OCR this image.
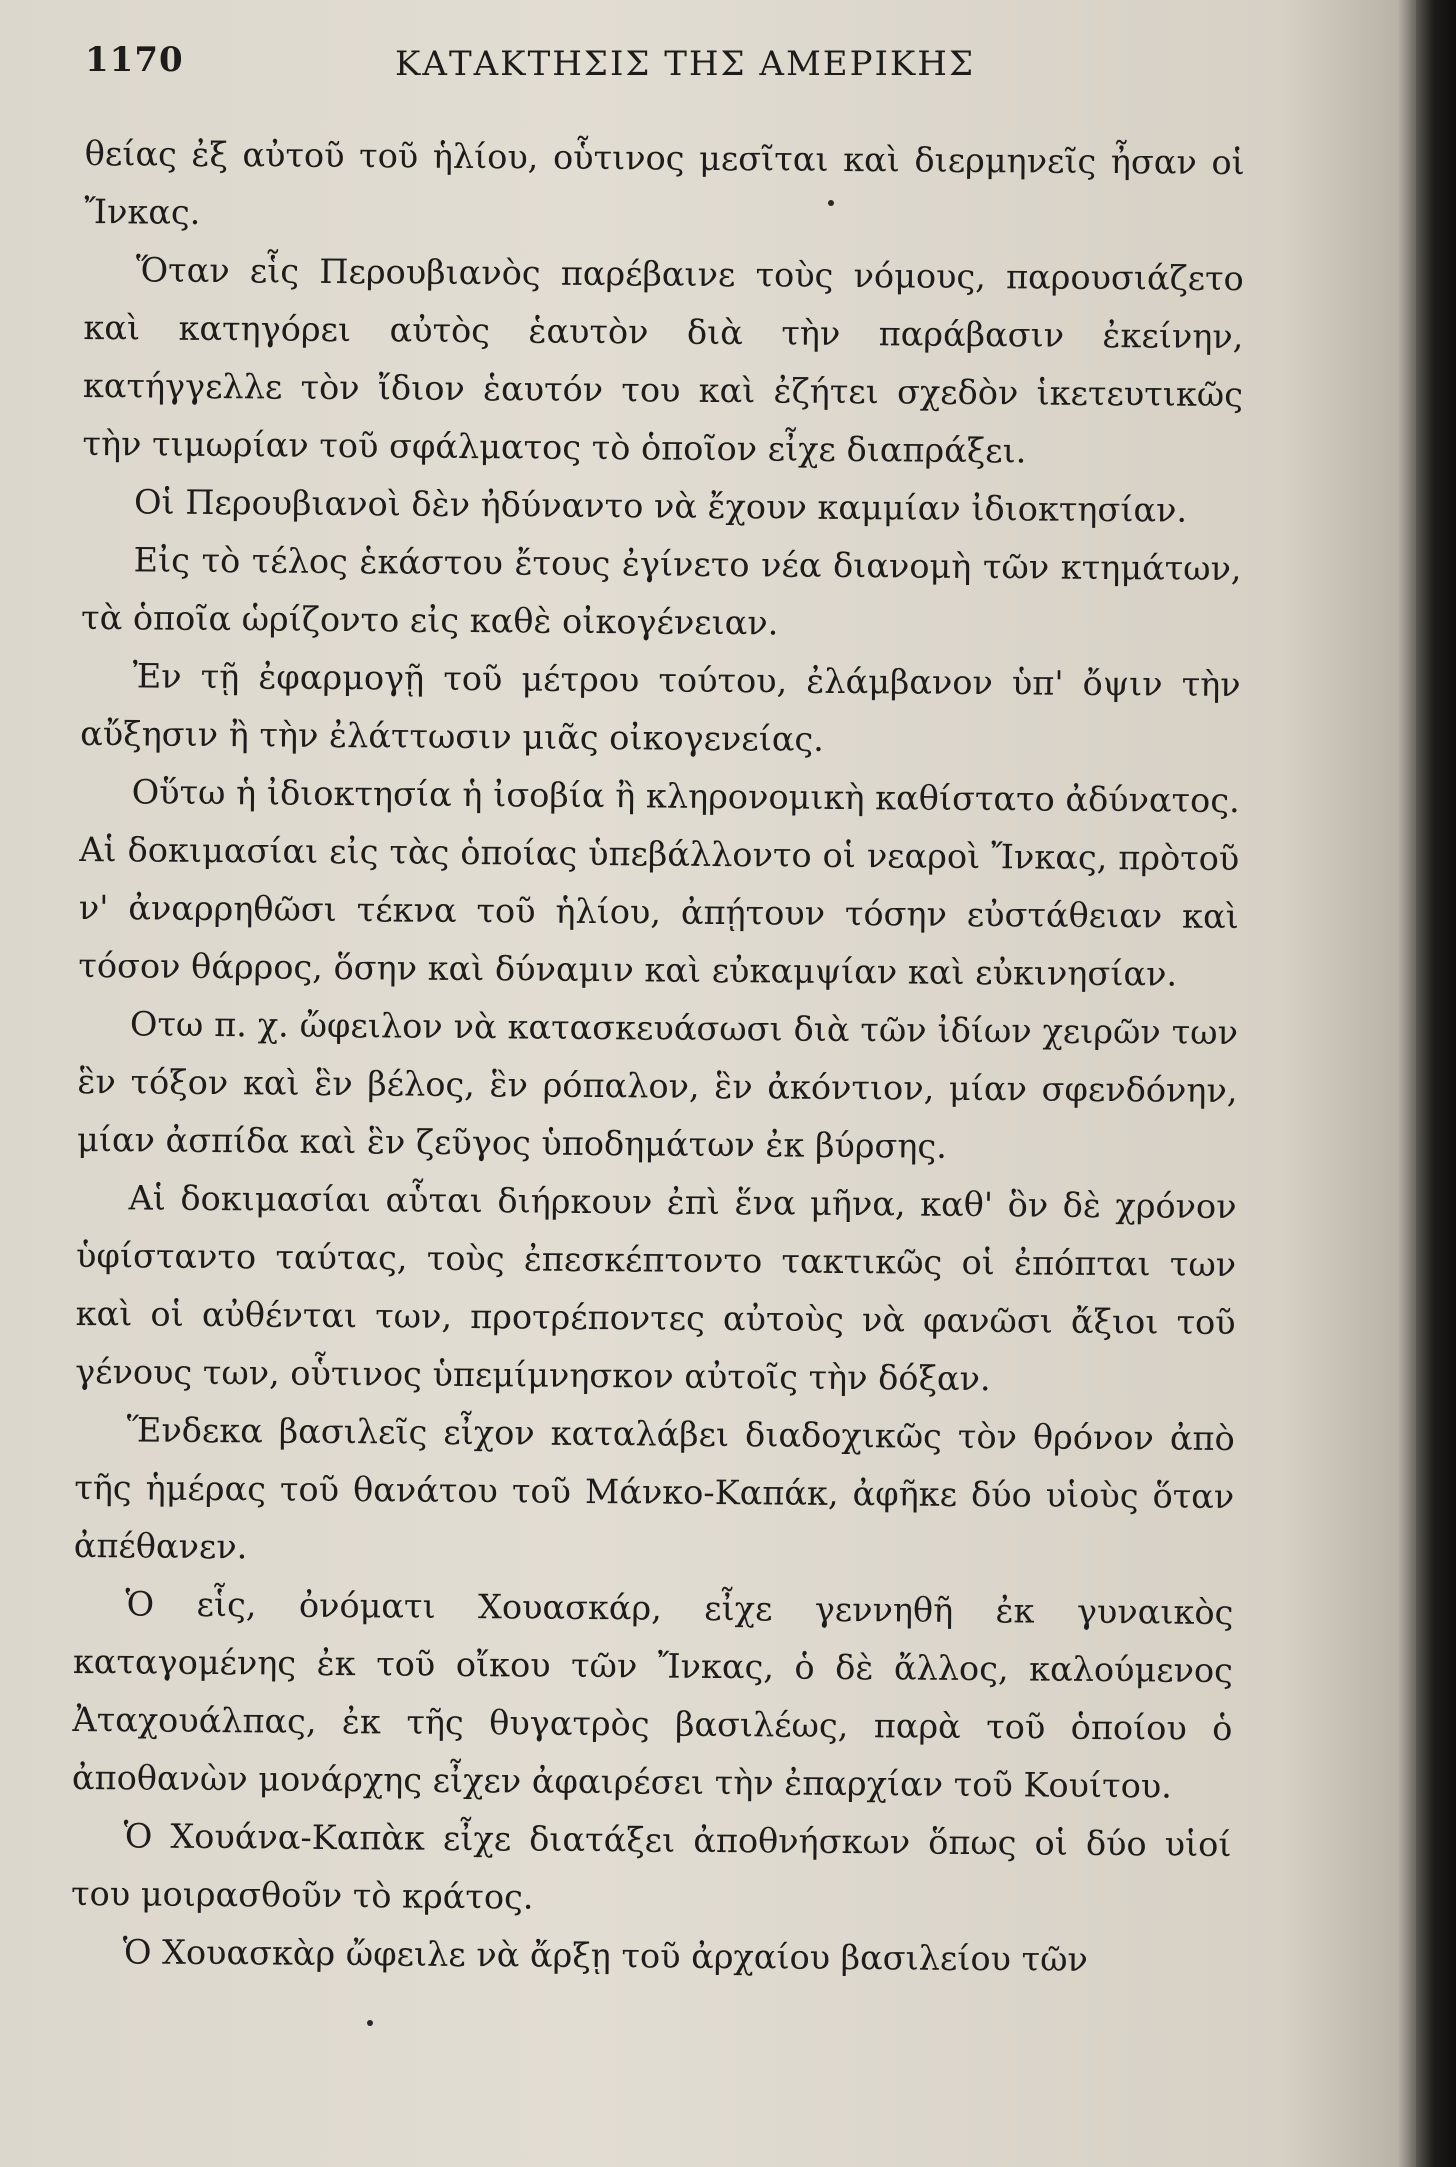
1170	ΚΑΤΑΚΤΗΣΙΣ ΤΗΣ ΑΜΕΡΙΚΗΣ

θείας ἐξ αὐτοῦ τοῦ ἡλίου, οὗτινος μεσῖται καὶ διερμηνεῖς ἦσαν οἱ Ἴνκας.

Ὅταν εἷς Περουβιανὸς παρέβαινε τοὺς νόμους, παρουσιάζετο καὶ κατηγόρει αὐτὸς ἑαυτὸν διὰ τὴν παράβασιν ἐκείνην, κατήγγελλε τὸν ἴδιον ἑαυτόν του καὶ ἐζήτει σχεδὸν ἱκετευτικῶς τὴν τιμωρίαν τοῦ σφάλματος τὸ ὁποῖον εἶχε διαπράξει.

Οἱ Περουβιανοὶ δὲν ἠδύναντο νὰ ἔχουν καμμίαν ἰδιοκτησίαν.

Εἰς τὸ τέλος ἑκάστου ἔτους ἐγίνετο νέα διανομὴ τῶν κτημάτων, τὰ ὁποῖα ὡρίζοντο εἰς καθὲ οἰκογένειαν.

Ἐν τῇ ἐφαρμογῇ τοῦ μέτρου τούτου, ἐλάμβανον ὑπ' ὄψιν τὴν αὔξησιν ἢ τὴν ἐλάττωσιν μιᾶς οἰκογενείας.

Οὕτω ἡ ἰδιοκτησία ἡ ἰσοβία ἢ κληρονομικὴ καθίστατο ἀδύνατος. Αἱ δοκιμασίαι εἰς τὰς ὁποίας ὑπεβάλλοντο οἱ νεαροὶ Ἴνκας, πρὸτοῦ ν' ἀναρρηθῶσι τέκνα τοῦ ἡλίου, ἀπῄτουν τόσην εὐστάθειαν καὶ τόσον θάρρος, ὅσην καὶ δύναμιν καὶ εὐκαμψίαν καὶ εὐκινησίαν.

Οτω π. χ. ὤφειλον νὰ κατασκευάσωσι διὰ τῶν ἰδίων χειρῶν των ἓν τόξον καὶ ἓν βέλος, ἓν ρόπαλον, ἓν ἀκόντιον, μίαν σφενδόνην, μίαν ἀσπίδα καὶ ἓν ζεῦγος ὑποδημάτων ἐκ βύρσης.

Αἱ δοκιμασίαι αὗται διήρκουν ἐπὶ ἕνα μῆνα, καθ' ὃν δὲ χρόνον ὑφίσταντο ταύτας, τοὺς ἐπεσκέπτοντο τακτικῶς οἱ ἐπόπται των καὶ οἱ αὐθένται των, προτρέποντες αὐτοὺς νὰ φανῶσι ἄξιοι τοῦ γένους των, οὗτινος ὑπεμίμνησκον αὐτοῖς τὴν δόξαν.

Ἕνδεκα βασιλεῖς εἶχον καταλάβει διαδοχικῶς τὸν θρόνον ἀπὸ τῆς ἡμέρας τοῦ θανάτου τοῦ Μάνκο-Καπάκ, ἀφῆκε δύο υἱοὺς ὅταν ἀπέθανεν.

Ὁ εἷς, ὀνόματι Χουασκάρ, εἶχε γεννηθῆ ἐκ γυναικὸς καταγομένης ἐκ τοῦ οἴκου τῶν Ἴνκας, ὁ δὲ ἄλλος, καλούμενος Ἀταχουάλπας, ἐκ τῆς θυγατρὸς βασιλέως, παρὰ τοῦ ὁποίου ὁ ἀποθανὼν μονάρχης εἶχεν ἀφαιρέσει τὴν ἐπαρχίαν τοῦ Κουίτου.

Ὁ Χουάνα-Καπὰκ εἶχε διατάξει ἀποθνήσκων ὅπως οἱ δύο υἱοί του μοιρασθοῦν τὸ κράτος.

Ὁ Χουασκὰρ ὤφειλε νὰ ἄρξῃ τοῦ ἀρχαίου βασιλείου τῶν
